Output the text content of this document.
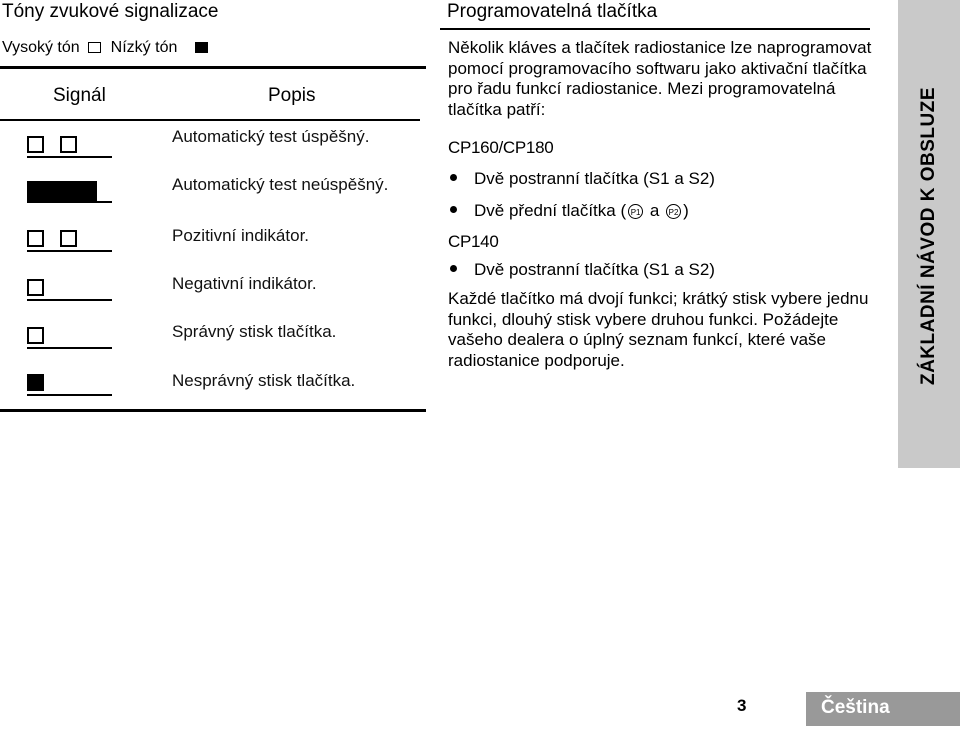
Tóny zvukové signalizace
Vysoký tón Nízký tón
Signál	Popis
Automatický test úspěšný.
Automatický test neúspěšný.
Pozitivní indikátor.
Negativní indikátor.
Správný stisk tlačítka.
Nesprávný stisk tlačítka.
Programovatelná tlačítka
Několik kláves a tlačítek radiostanice lze naprogramovat pomocí programovacího softwaru jako aktivační tlačítka pro řadu funkcí radiostanice. Mezi programovatelná tlačítka patří:
CP160/CP180
Dvě postranní tlačítka (S1 a S2)
Dvě přední tlačítka ( P1 a P2 )
CP140
Dvě postranní tlačítka (S1 a S2)
Každé tlačítko má dvojí funkci; krátký stisk vybere jednu funkci, dlouhý stisk vybere druhou funkci. Požádejte vašeho dealera o úplný seznam funkcí, které vaše radiostanice podporuje.	ZÁKLADNÍ NÁVOD K OBSLUZE
3	Čeština
